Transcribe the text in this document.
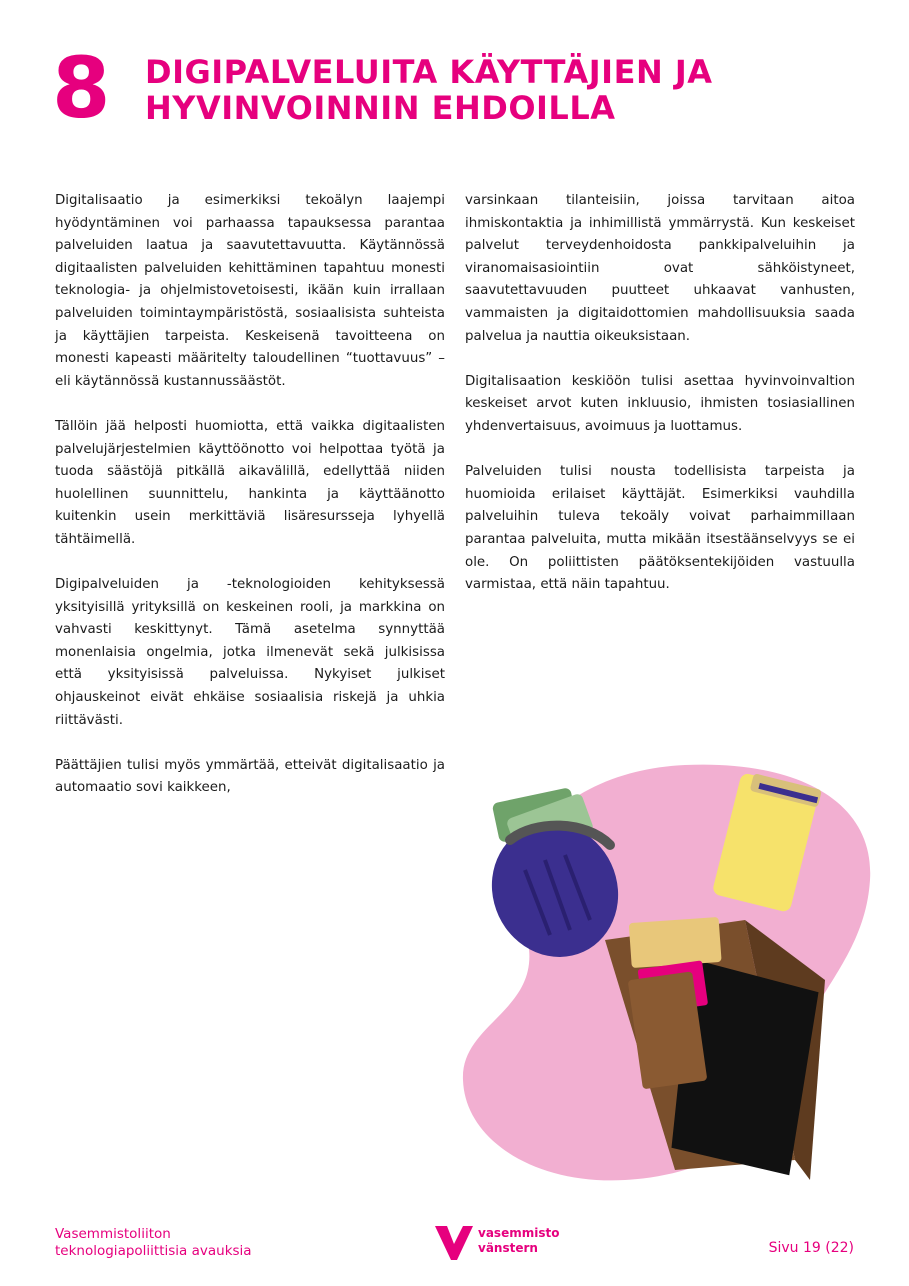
8 DIGIPALVELUITA KÄYTTÄJIEN JA
HYVINVOINNIN EHDOILLA

Digitalisaatio ja esimerkiksi tekoälyn laajempi hyödyntäminen voi parhaassa tapauksessa parantaa palveluiden laatua ja saavutettavuutta. Käytännössä digitaalisten palveluiden kehittäminen tapahtuu monesti teknologia- ja ohjelmistovetoisesti, ikään kuin irrallaan palveluiden toimintaympäristöstä, sosiaalisista suhteista ja käyttäjien tarpeista. Keskeisenä tavoitteena on monesti kapeasti määritelty taloudellinen “tuottavuus” – eli käytännössä kustannussäästöt.

Tällöin jää helposti huomiotta, että vaikka digitaalisten palvelujärjestelmien käyttöönotto voi helpottaa työtä ja tuoda säästöjä pitkällä aikavälillä, edellyttää niiden huolellinen suunnittelu, hankinta ja käyttäänotto kuitenkin usein merkittäviä lisäresursseja lyhyellä tähtäimellä.

Digipalveluiden ja -teknologioiden kehityksessä yksityisillä yrityksillä on keskeinen rooli, ja markkina on vahvasti keskittynyt. Tämä asetelma synnyttää monenlaisia ongelmia, jotka ilmenevät sekä julkisissa että yksityisissä palveluissa. Nykyiset julkiset ohjauskeinot eivät ehkäise sosiaalisia riskejä ja uhkia riittävästi.

Päättäjien tulisi myös ymmärtää, etteivät digitalisaatio ja automaatio sovi kaikkeen,

varsinkaan tilanteisiin, joissa tarvitaan aitoa ihmiskontaktia ja inhimillistä ymmärrystä. Kun keskeiset palvelut terveydenhoidosta pankkipalveluihin ja viranomaisasiointiin ovat sähköistyneet, saavutettavuuden puutteet uhkaavat vanhusten, vammaisten ja digitaidottomien mahdollisuuksia saada palvelua ja nauttia oikeuksistaan.

Digitalisaation keskiöön tulisi asettaa hyvinvoinvaltion keskeiset arvot kuten inkluusio, ihmisten tosiasiallinen yhdenvertaisuus, avoimuus ja luottamus.

Palveluiden tulisi nousta todellisista tarpeista ja huomioida erilaiset käyttäjät. Esimerkiksi vauhdilla palveluihin tuleva tekoäly voivat parhaimmillaan parantaa palveluita, mutta mikään itsestäänselvyys se ei ole. On poliittisten päätöksentekijöiden vastuulla varmistaa, että näin tapahtuu.

Vasemmistoliiton
teknologiapoliittisia avauksia
vasemmisto
vänstern	Sivu 19 (22)
